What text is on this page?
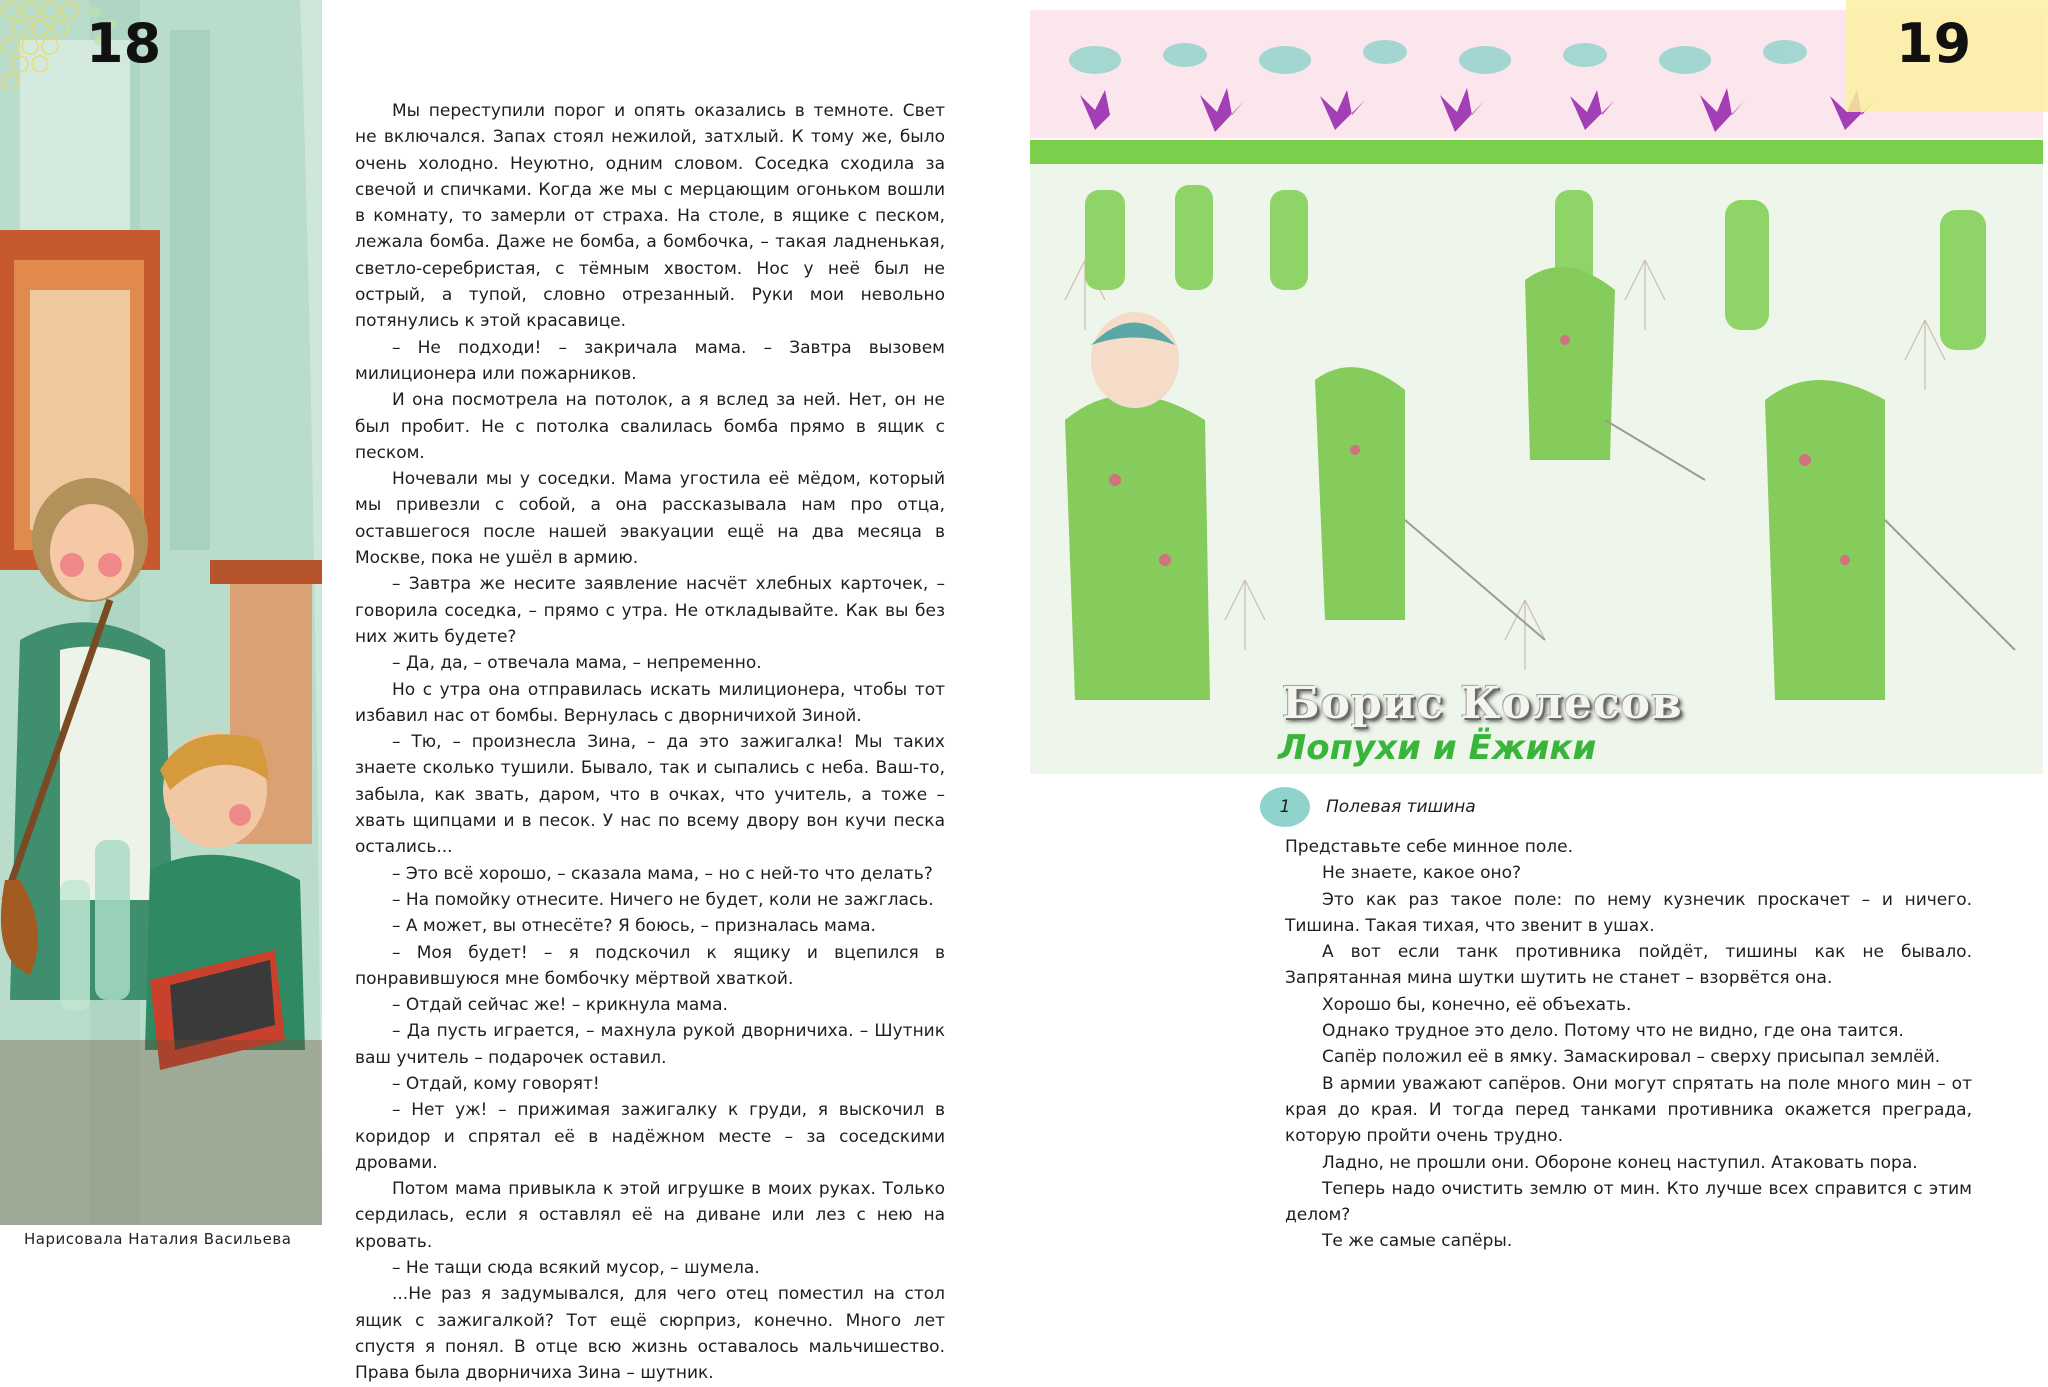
18
Нарисовала Наталия Васильева

Мы переступили порог и опять оказались в темноте. Свет не включался. Запах стоял нежилой, затхлый. К тому же, было очень холодно. Неуютно, одним словом. Соседка сходила за свечой и спичками. Когда же мы с мерцающим огоньком вошли в комнату, то замерли от страха. На столе, в ящике с песком, лежала бомба. Даже не бомба, а бомбочка, – такая ладненькая, светло-серебристая, с тёмным хвостом. Нос у неё был не острый, а тупой, словно отрезанный. Руки мои невольно потянулись к этой красавице.

– Не подходи! – закричала мама. – Завтра вызовем милиционера или пожарников.

И она посмотрела на потолок, а я вслед за ней. Нет, он не был пробит. Не с потолка свалилась бомба прямо в ящик с песком.

Ночевали мы у соседки. Мама угостила её мёдом, который мы привезли с собой, а она рассказывала нам про отца, оставшегося после нашей эвакуации ещё на два месяца в Москве, пока не ушёл в армию.

– Завтра же несите заявление насчёт хлебных карточек, – говорила соседка, – прямо с утра. Не откладывайте. Как вы без них жить будете?

– Да, да, – отвечала мама, – непременно.

Но с утра она отправилась искать милиционера, чтобы тот избавил нас от бомбы. Вернулась с дворничихой Зиной.

– Тю, – произнесла Зина, – да это зажигалка! Мы таких знаете сколько тушили. Бывало, так и сыпались с неба. Ваш-то, забыла, как звать, даром, что в очках, что учитель, а тоже – хвать щипцами и в песок. У нас по всему двору вон кучи песка остались...

– Это всё хорошо, – сказала мама, – но с ней-то что делать?

– На помойку отнесите. Ничего не будет, коли не зажглась.

– А может, вы отнесёте? Я боюсь, – призналась мама.

– Моя будет! – я подскочил к ящику и вцепился в понравившуюся мне бомбочку мёртвой хваткой.

– Отдай сейчас же! – крикнула мама.

– Да пусть играется, – махнула рукой дворничиха. – Шутник ваш учитель – подарочек оставил.

– Отдай, кому говорят!

– Нет уж! – прижимая зажигалку к груди, я выскочил в коридор и спрятал её в надёжном месте – за соседскими дровами.

Потом мама привыкла к этой игрушке в моих руках. Только сердилась, если я оставлял её на диване или лез с нею на кровать.

– Не тащи сюда всякий мусор, – шумела.

...Не раз я задумывался, для чего отец поместил на стол ящик с зажигалкой? Тот ещё сюрприз, конечно. Много лет спустя я понял. В отце всю жизнь оставалось мальчишество. Права была дворничиха Зина – шутник.

19
Борис Колесов
Лопухи и Ёжики
1	Полевая тишина

Представьте себе минное поле.

Не знаете, какое оно?

Это как раз такое поле: по нему кузнечик проскачет – и ничего. Тишина. Такая тихая, что звенит в ушах.

А вот если танк противника пойдёт, тишины как не бывало. Запрятанная мина шутки шутить не станет – взорвётся она.

Хорошо бы, конечно, её объехать.

Однако трудное это дело. Потому что не видно, где она таится.

Сапёр положил её в ямку. Замаскировал – сверху присыпал землёй.

В армии уважают сапёров. Они могут спрятать на поле много мин – от края до края. И тогда перед танками противника окажется преграда, которую пройти очень трудно.

Ладно, не прошли они. Обороне конец наступил. Атаковать пора.

Теперь надо очистить землю от мин. Кто лучше всех справится с этим делом?

Те же самые сапёры.
